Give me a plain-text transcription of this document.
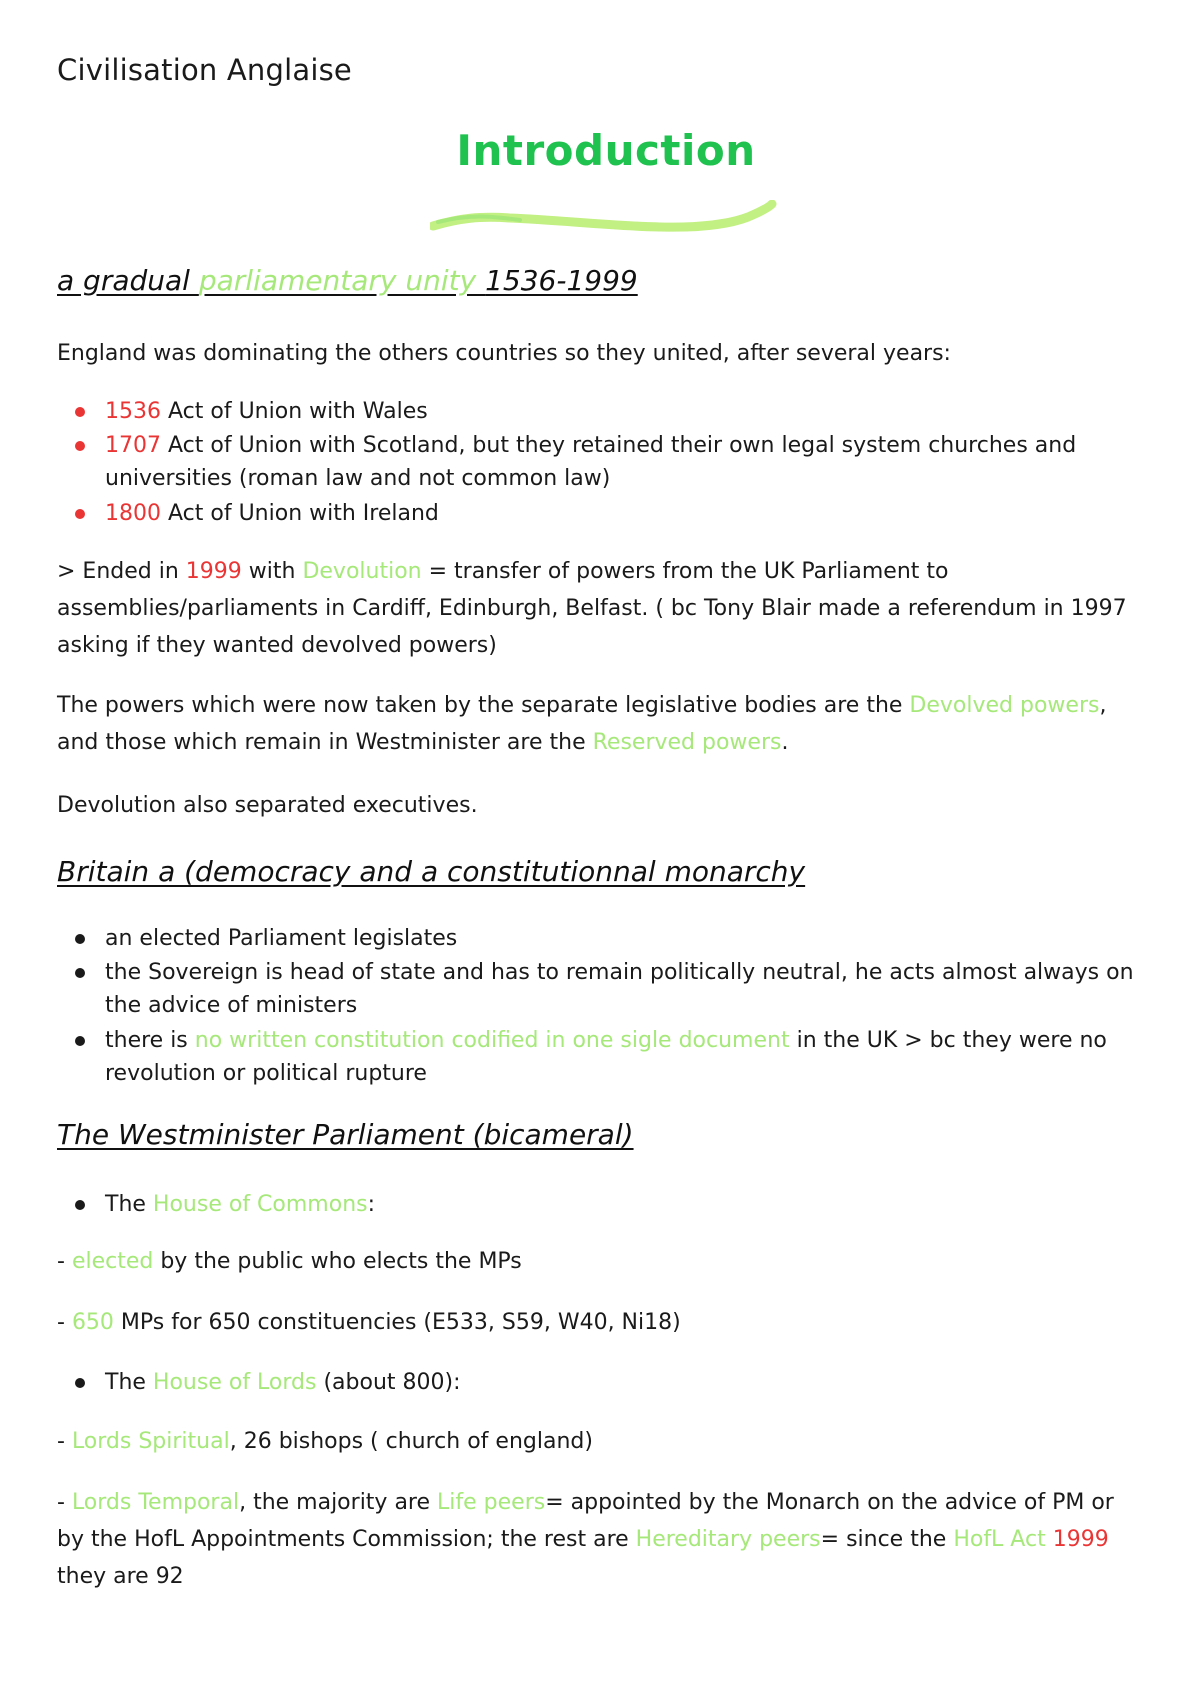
Civilisation Anglaise
Introduction
a gradual parliamentary unity 1536-1999
England was dominating the others countries so they united, after several years:
1536 Act of Union with Wales
1707 Act of Union with Scotland, but they retained their own legal system churches and universities (roman law and not common law)
1800 Act of Union with Ireland
> Ended in 1999 with Devolution = transfer of powers from the UK Parliament to assemblies/parliaments in Cardiff, Edinburgh, Belfast. ( bc Tony Blair made a referendum in 1997 asking if they wanted devolved powers)
The powers which were now taken by the separate legislative bodies are the Devolved powers, and those which remain in Westminister are the Reserved powers.
Devolution also separated executives.
Britain a (democracy and a constitutionnal monarchy
an elected Parliament legislates
the Sovereign is head of state and has to remain politically neutral, he acts almost always on the advice of ministers
there is no written constitution codified in one sigle document in the UK > bc they were no revolution or political rupture
The Westminister Parliament (bicameral)
The House of Commons:
- elected by the public who elects the MPs
- 650 MPs for 650 constituencies (E533, S59, W40, Ni18)
The House of Lords (about 800):
- Lords Spiritual, 26 bishops ( church of england)
- Lords Temporal, the majority are Life peers= appointed by the Monarch on the advice of PM or by the HofL Appointments Commission; the rest are Hereditary peers= since the HofL Act 1999 they are 92
